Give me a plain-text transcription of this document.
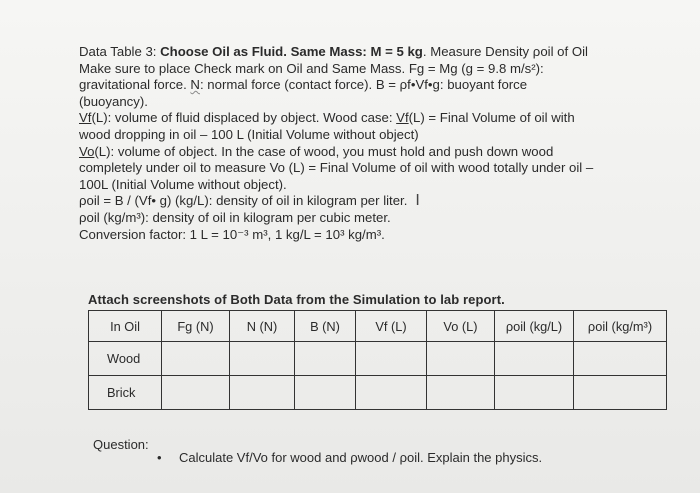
Data Table 3: Choose Oil as Fluid. Same Mass: M = 5 kg. Measure Density ρoil of Oil
Make sure to place Check mark on Oil and Same Mass. Fg = Mg (g = 9.8 m/s²):
gravitational force. N: normal force (contact force). B = ρf•Vf•g: buoyant force
(buoyancy).
Vf(L): volume of fluid displaced by object. Wood case: Vf(L) = Final Volume of oil with
wood dropping in oil – 100 L (Initial Volume without object)
Vo(L): volume of object. In the case of wood, you must hold and push down wood
completely under oil to measure Vo (L) = Final Volume of oil with wood totally under oil –
100L (Initial Volume without object).
ρoil = B / (Vf• g) (kg/L): density of oil in kilogram per liter. I
ρoil (kg/m³): density of oil in kilogram per cubic meter.
Conversion factor: 1 L = 10⁻³ m³, 1 kg/L = 10³ kg/m³.
Attach screenshots of Both Data from the Simulation to lab report.
In Oil	Fg (N)	N (N)	B (N)	Vf (L)	Vo (L)	ρoil (kg/L)	ρoil (kg/m³)
Wood							
Brick							
Question:
• Calculate Vf/Vo for wood and ρwood / ρoil. Explain the physics.
